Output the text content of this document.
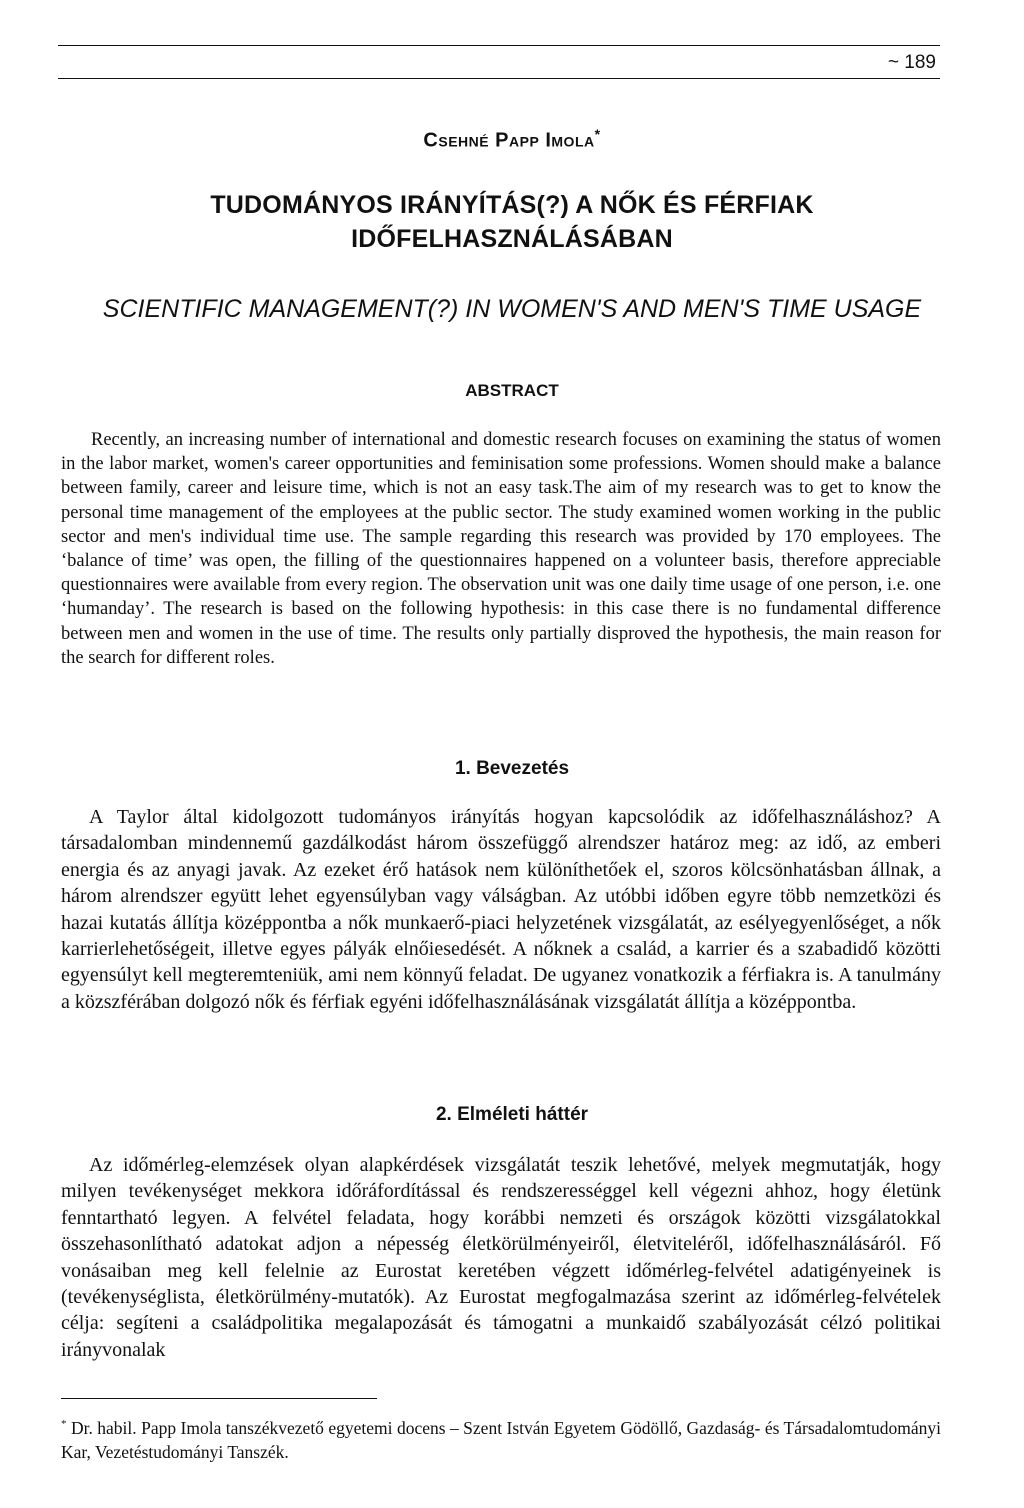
~ 189
Csehné Papp Imola*
TUDOMÁNYOS IRÁNYÍTÁS(?) A NŐK ÉS FÉRFIAK
IDŐFELHASZNÁLÁSÁBAN
SCIENTIFIC MANAGEMENT(?) IN WOMEN'S AND MEN'S TIME USAGE
ABSTRACT

Recently, an increasing number of international and domestic research focuses on examining the status of women in the labor market, women's career opportunities and feminisation some professions. Women should make a balance between family, career and leisure time, which is not an easy task.The aim of my research was to get to know the personal time management of the employees at the public sector. The study examined women working in the public sector and men's individual time use. The sample regarding this research was provided by 170 employees. The ‘balance of time’ was open, the filling of the questionnaires happened on a volunteer basis, therefore appreciable questionnaires were available from every region. The observation unit was one daily time usage of one person, i.e. one ‘humanday’. The research is based on the following hypothesis: in this case there is no fundamental difference between men and women in the use of time. The results only partially disproved the hypothesis, the main reason for the search for different roles.

1. Bevezetés

A Taylor által kidolgozott tudományos irányítás hogyan kapcsolódik az időfelhasználáshoz? A társadalomban mindennemű gazdálkodást három összefüggő alrendszer határoz meg: az idő, az emberi energia és az anyagi javak. Az ezeket érő hatások nem különíthetőek el, szoros kölcsönhatásban állnak, a három alrendszer együtt lehet egyensúlyban vagy válságban. Az utóbbi időben egyre több nemzetközi és hazai kutatás állítja középpontba a nők munkaerő-piaci helyzetének vizsgálatát, az esélyegyenlőséget, a nők karrierlehetőségeit, illetve egyes pályák elnőiesedését. A nőknek a család, a karrier és a szabadidő közötti egyensúlyt kell megteremteniük, ami nem könnyű feladat. De ugyanez vonatkozik a férfiakra is. A tanulmány a közszférában dolgozó nők és férfiak egyéni időfelhasználásának vizsgálatát állítja a középpontba.

2. Elméleti háttér

Az időmérleg-elemzések olyan alapkérdések vizsgálatát teszik lehetővé, melyek megmutatják, hogy milyen tevékenységet mekkora időráfordítással és rendszerességgel kell végezni ahhoz, hogy életünk fenntartható legyen. A felvétel feladata, hogy korábbi nemzeti és országok közötti vizsgálatokkal összehasonlítható adatokat adjon a népesség életkörülményeiről, életviteléről, időfelhasználásáról. Fő vonásaiban meg kell felelnie az Eurostat keretében végzett időmérleg-felvétel adatigényeinek is (tevékenységlista, életkörülmény-mutatók). Az Eurostat megfogalmazása szerint az időmérleg-felvételek célja: segíteni a családpolitika megalapozását és támogatni a munkaidő szabályozását célzó politikai irányvonalak

* Dr. habil. Papp Imola tanszékvezető egyetemi docens – Szent István Egyetem Gödöllő, Gazdaság- és Társadalomtudományi Kar, Vezetéstudományi Tanszék.
